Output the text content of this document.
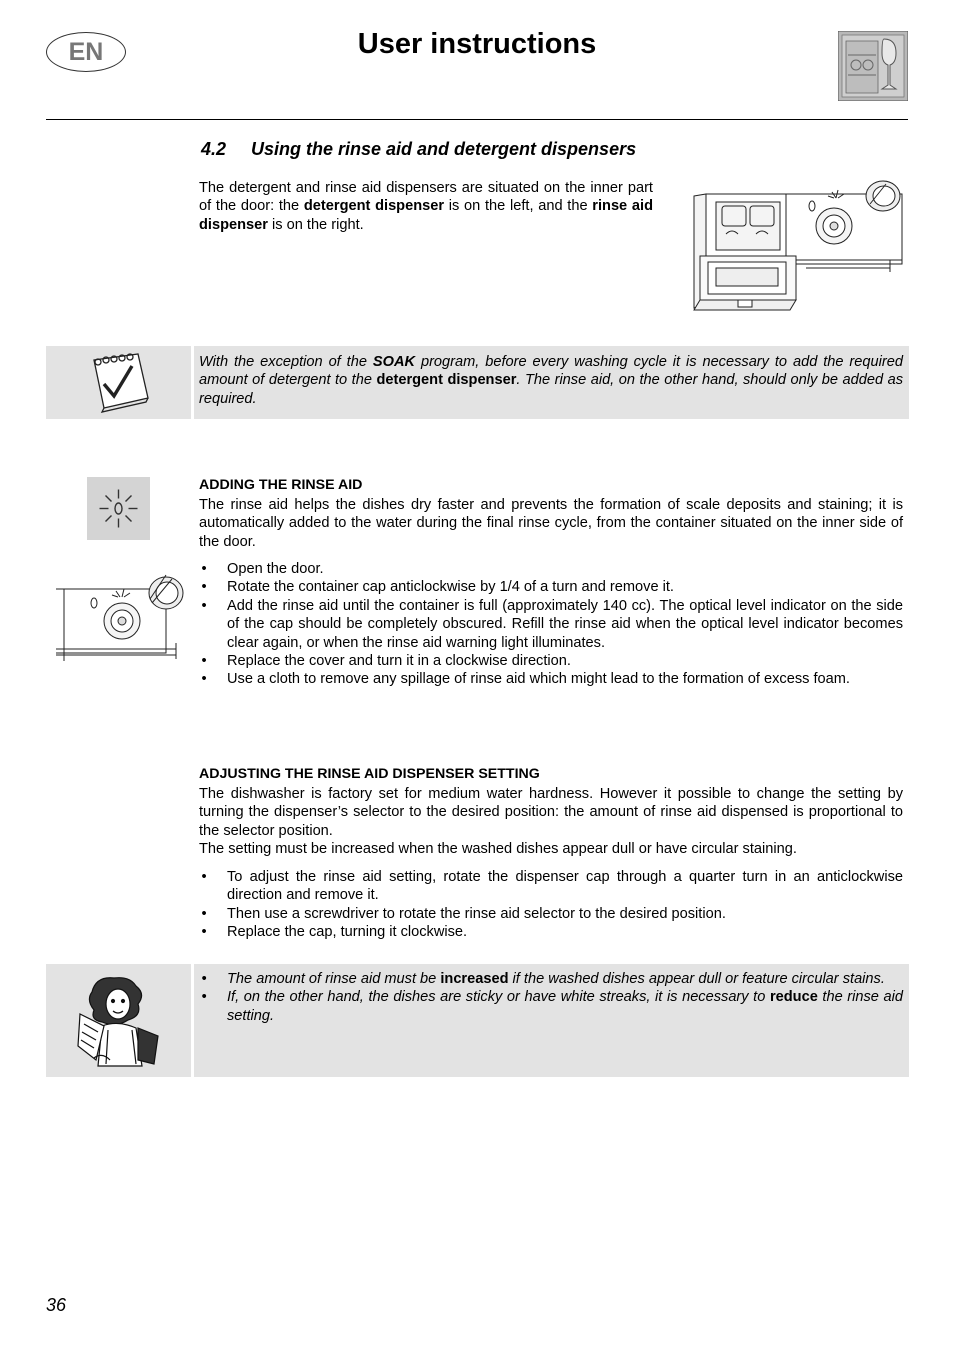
EN	User instructions
4.2 Using the rinse aid and detergent dispensers
The detergent and rinse aid dispensers are situated on the inner part of the door: the detergent dispenser is on the left, and the rinse aid dispenser is on the right.
With the exception of the SOAK program, before every washing cycle it is necessary to add the required amount of detergent to the detergent dispenser. The rinse aid, on the other hand, should only be added as required.
ADDING THE RINSE AID
The rinse aid helps the dishes dry faster and prevents the formation of scale deposits and staining; it is automatically added to the water during the final rinse cycle, from the container situated on the inner side of the door.
• Open the door.
• Rotate the container cap anticlockwise by 1/4 of a turn and remove it.
• Add the rinse aid until the container is full (approximately 140 cc). The optical level indicator on the side of the cap should be completely obscured. Refill the rinse aid when the optical level indicator becomes clear again, or when the rinse aid warning light illuminates.
• Replace the cover and turn it in a clockwise direction.
• Use a cloth to remove any spillage of rinse aid which might lead to the formation of excess foam.
ADJUSTING THE RINSE AID DISPENSER SETTING
The dishwasher is factory set for medium water hardness. However it possible to change the setting by turning the dispenser’s selector to the desired position: the amount of rinse aid dispensed is proportional to the selector position.
The setting must be increased when the washed dishes appear dull or have circular staining.
• To adjust the rinse aid setting, rotate the dispenser cap through a quarter turn in an anticlockwise direction and remove it.
• Then use a screwdriver to rotate the rinse aid selector to the desired position.
• Replace the cap, turning it clockwise.
• The amount of rinse aid must be increased if the washed dishes appear dull or feature circular stains.
• If, on the other hand, the dishes are sticky or have white streaks, it is necessary to reduce the rinse aid setting.
36
